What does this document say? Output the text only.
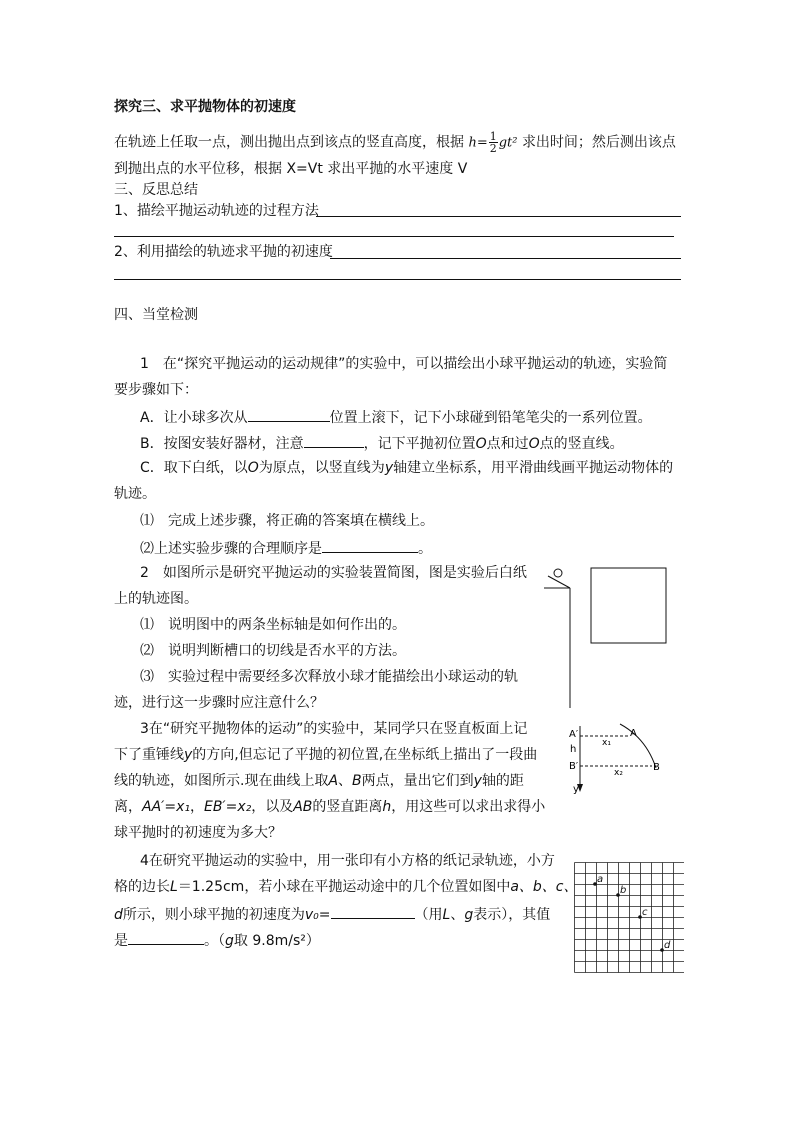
探究三、求平抛物体的初速度
在轨迹上任取一点，测出抛出点到该点的竖直高度，根据 $h= \frac{1}{2} gt^2$ 求出时间；然后测出该点
到抛出点的水平位移，根据 X=Vt 求出平抛的水平速度 V
三、反思总结
1、描绘平抛运动轨迹的过程方法
2、利用描绘的轨迹求平抛的初速度
四、当堂检测
1　在“探究平抛运动的运动规律”的实验中，可以描绘出小球平抛运动的轨迹，实验简
要步骤如下：
A．让小球多次从	位置上滚下，记下小球碰到铅笔笔尖的一系列位置。
B．按图安装好器材，注意	，记下平抛初位置O点和过O点的竖直线。
C．取下白纸，以O为原点，以竖直线为y轴建立坐标系，用平滑曲线画平抛运动物体的
轨迹。
⑴　完成上述步骤，将正确的答案填在横线上。
⑵上述实验步骤的合理顺序是	。
2　如图所示是研究平抛运动的实验装置简图，图是实验后白纸
上的轨迹图。
⑴　说明图中的两条坐标轴是如何作出的。
⑵　说明判断槽口的切线是否水平的方法。
⑶　实验过程中需要经多次释放小球才能描绘出小球运动的轨
迹，进行这一步骤时应注意什么？
3在“研究平抛物体的运动”的实验中，某同学只在竖直板面上记
下了重锤线y的方向,但忘记了平抛的初位置,在坐标纸上描出了一段曲
线的轨迹，如图所示.现在曲线上取A、B两点，量出它们到y轴的距
离，AA′=x₁，EB′=x₂，以及AB的竖直距离h，用这些可以求出求得小
球平抛时的初速度为多大？
A′	A
h
B′	B
x₁
x₂
y
4在研究平抛运动的实验中，用一张印有小方格的纸记录轨迹，小方
格的边长L＝1.25cm，若小球在平抛运动途中的几个位置如图中a、b、c、
d所示，则小球平抛的初速度为v₀=	（用L、g表示），其值
是	。（g取 9.8m/s²）
a
b
c
d
